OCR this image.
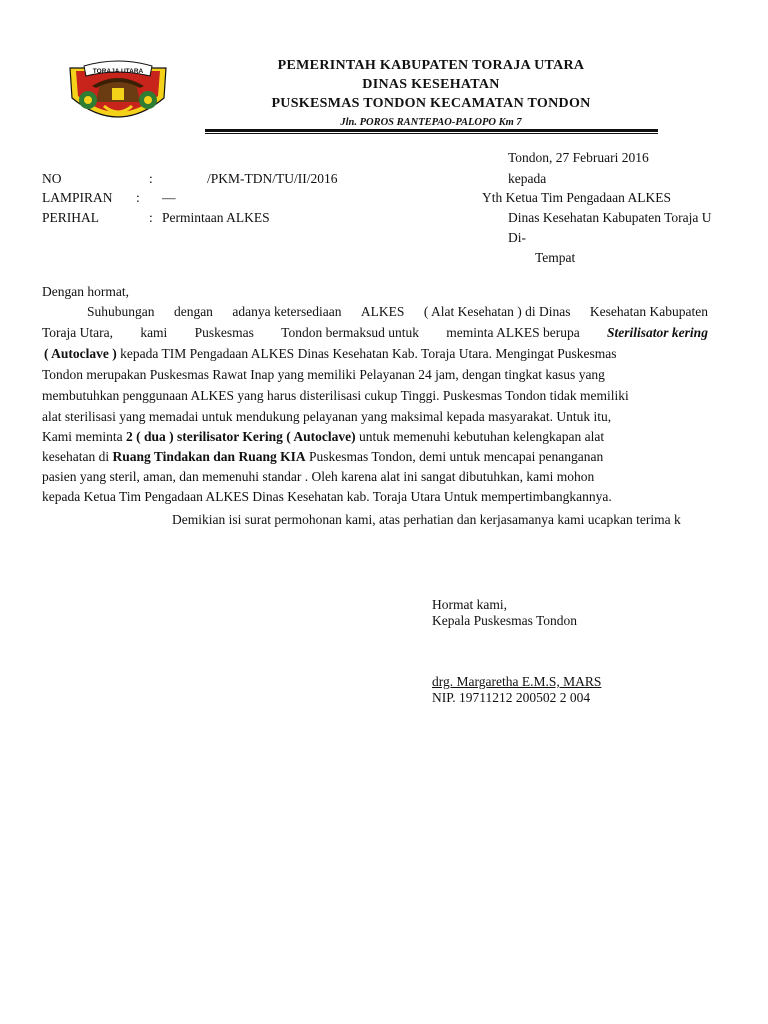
TORAJA UTARA	PEMERINTAH KABUPATEN TORAJA UTARA
DINAS KESEHATAN
PUSKESMAS TONDON KECAMATAN TONDON
Jln. POROS RANTEPAO-PALOPO Km 7
Tondon, 27 Februari 2016
NO	:	/PKM-TDN/TU/II/2016	kepada
LAMPIRAN : —	Yth Ketua Tim Pengadaan ALKES
PERIHAL	: Permintaan ALKES	Dinas Kesehatan Kabupaten Toraja U
Di-
Tempat
Dengan hormat,
Suhubungan dengan adanya ketersediaan ALKES ( Alat Kesehatan ) di Dinas Kesehatan Kabupaten
Toraja Utara, kami Puskesmas Tondon bermaksud untuk meminta ALKES berupa Sterilisator kering
( Autoclave ) kepada TIM Pengadaan ALKES Dinas Kesehatan Kab. Toraja Utara. Mengingat Puskesmas
Tondon merupakan Puskesmas Rawat Inap yang memiliki Pelayanan 24 jam, dengan tingkat kasus yang
membutuhkan penggunaan ALKES yang harus disterilisasi cukup Tinggi. Puskesmas Tondon tidak memiliki
alat sterilisasi yang memadai untuk mendukung pelayanan yang maksimal kepada masyarakat. Untuk itu,
Kami meminta 2 ( dua ) sterilisator Kering ( Autoclave) untuk memenuhi kebutuhan kelengkapan alat
kesehatan di Ruang Tindakan dan Ruang KIA Puskesmas Tondon, demi untuk mencapai penanganan
pasien yang steril, aman, dan memenuhi standar . Oleh karena alat ini sangat dibutuhkan, kami mohon
kepada Ketua Tim Pengadaan ALKES Dinas Kesehatan kab. Toraja Utara Untuk mempertimbangkannya.
Demikian isi surat permohonan kami, atas perhatian dan kerjasamanya kami ucapkan terima k
Hormat kami,
Kepala Puskesmas Tondon
drg. Margaretha E.M.S, MARS
NIP. 19711212 200502 2 004
